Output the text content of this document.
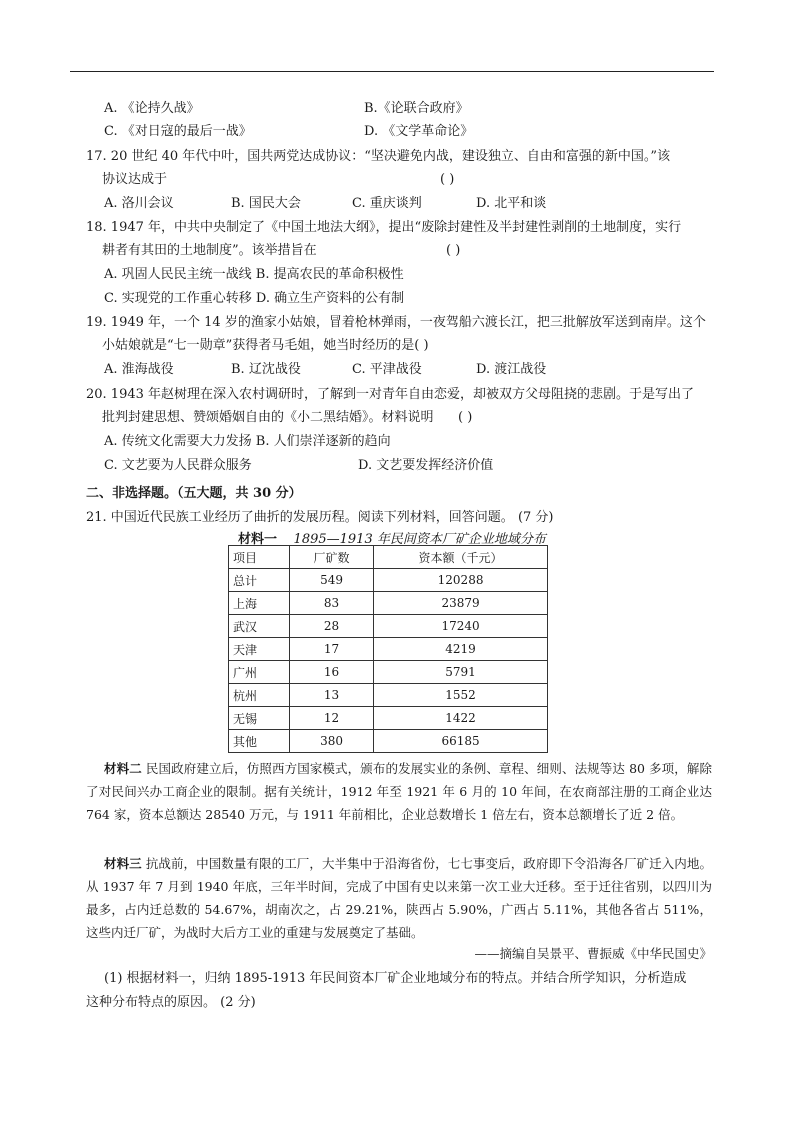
A. 《论持久战》	B.《论联合政府》
C. 《对日寇的最后一战》	D. 《文学革命论》
17. 20 世纪 40 年代中叶，国共两党达成协议：“坚决避免内战，建设独立、自由和富强的新中国。”该
协议达成于	( )
A. 洛川会议	B. 国民大会	C. 重庆谈判	D. 北平和谈
18. 1947 年，中共中央制定了《中国土地法大纲》，提出“废除封建性及半封建性剥削的土地制度，实行
耕者有其田的土地制度”。该举措旨在	( )
A. 巩固人民民主统一战线 B. 提高农民的革命积极性
C. 实现党的工作重心转移 D. 确立生产资料的公有制
19. 1949 年，一个 14 岁的渔家小姑娘，冒着枪林弹雨，一夜驾船六渡长江，把三批解放军送到南岸。这个
小姑娘就是“七一勋章”获得者马毛姐，她当时经历的是( )
A. 淮海战役	B. 辽沈战役	C. 平津战役	D. 渡江战役
20. 1943 年赵树理在深入农村调研时，了解到一对青年自由恋爱，却被双方父母阻挠的悲剧。于是写出了
批判封建思想、赞颂婚姻自由的《小二黑结婚》。材料说明 ( )
A. 传统文化需要大力发扬 B. 人们崇洋逐新的趋向
C. 文艺要为人民群众服务	D. 文艺要发挥经济价值
二、非选择题。（五大题，共 30 分）
21. 中国近代民族工业经历了曲折的发展历程。阅读下列材料，回答问题。 (7 分)
材料一 1895—1913 年民间资本厂矿企业地域分布
项目	厂矿数	资本额（千元）
总计	549	120288
上海	83	23879
武汉	28	17240
天津	17	4219
广州	16	5791
杭州	13	1552
无锡	12	1422
其他	380	66185
材料二 民国政府建立后，仿照西方国家模式，颁布的发展实业的条例、章程、细则、法规等达 80 多项，解除了对民间兴办工商企业的限制。据有关统计，1912 年至 1921 年 6 月的 10 年间，在农商部注册的工商企业达 764 家，资本总额达 28540 万元，与 1911 年前相比，企业总数增长 1 倍左右，资本总额增长了近 2 倍。
材料三 抗战前，中国数量有限的工厂，大半集中于沿海省份，七七事变后，政府即下令沿海各厂矿迁入内地。从 1937 年 7 月到 1940 年底，三年半时间，完成了中国有史以来第一次工业大迁移。至于迁往省别，以四川为最多，占内迁总数的 54.67%，胡南次之，占 29.21%，陕西占 5.90%，广西占 5.11%，其他各省占 511%，这些内迁厂矿，为战时大后方工业的重建与发展奠定了基础。
——摘编自吴景平、曹振威《中华民国史》
(1) 根据材料一，归纳 1895-1913 年民间资本厂矿企业地域分布的特点。并结合所学知识，分析造成
这种分布特点的原因。 (2 分)
